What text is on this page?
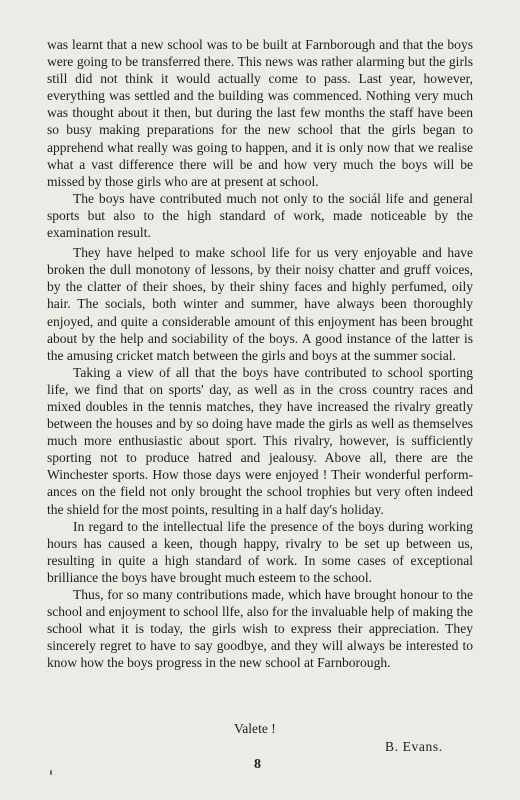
was learnt that a new school was to be built at Farnborough and that the boys were going to be transferred there. This news was rather alarming but the girls still did not think it would actually come to pass. Last year, however, everything was settled and the building was commenced. Nothing very much was thought about it then, but during the last few months the staff have been so busy making preparations for the new school that the girls began to apprehend what really was going to happen, and it is only now that we realise what a vast difference there will be and how very much the boys will be missed by those girls who are at present at school.

The boys have contributed much not only to the sociál life and general sports but also to the high standard of work, made noticeable by the examination result.

They have helped to make school life for us very enjoyable and have broken the dull monotony of lessons, by their noisy chatter and gruff voices, by the clatter of their shoes, by their shiny faces and highly perfumed, oily hair. The socials, both winter and summer, have always been thoroughly enjoyed, and quite a considerable amount of this enjoyment has been brought about by the help and sociability of the boys. A good instance of the latter is the amusing cricket match between the girls and boys at the summer social.

Taking a view of all that the boys have contributed to school sporting life, we find that on sports' day, as well as in the cross country races and mixed doubles in the tennis matches, they have increased the rivalry greatly between the houses and by so doing have made the girls as well as themselves much more enthusiastic about sport. This rivalry, however, is sufficiently sporting not to produce hatred and jealousy. Above all, there are the Winchester sports. How those days were enjoyed ! Their wonderful perform-ances on the field not only brought the school trophies but very often indeed the shield for the most points, resulting in a half day's holiday.

In regard to the intellectual life the presence of the boys during working hours has caused a keen, though happy, rivalry to be set up between us, resulting in quite a high standard of work. In some cases of exceptional brilliance the boys have brought much esteem to the school.

Thus, for so many contributions made, which have brought honour to the school and enjoyment to school llfe, also for the invaluable help of making the school what it is today, the girls wish to express their appreciation. They sincerely regret to have to say goodbye, and they will always be interested to know how the boys progress in the new school at Farnborough.

Valete !
B. Evans.
8
